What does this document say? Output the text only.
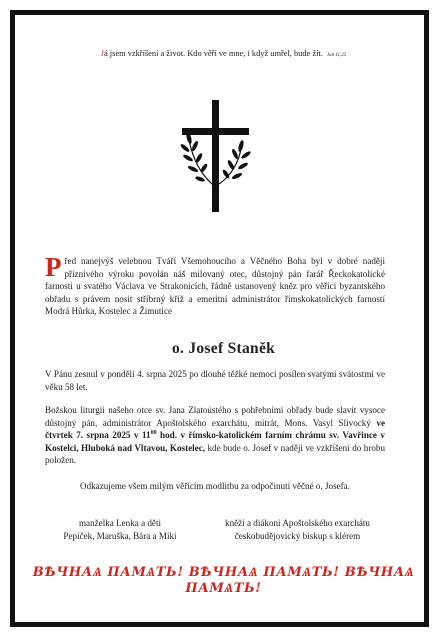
Já jsem vzkříšení a život. Kdo věří ve mne, i když umřel, bude žít. Jan 11,25
Před nanejvýš velebnou Tváří Všemohoucího a Věčného Boha byl v dobré naději příznivého výroku povolán náš milovaný otec, důstojný pán farář Řeckokatolické farnosti u svatého Václava ve Strakonicích, řádně ustanovený kněz pro věřící byzantského obřadu s právem nosit stříbrný kříž a emeritní administrátor římskokatolických farností Modrá Hůrka, Kostelec a Žimutice
o. Josef Staněk
V Pánu zesnul v pondělí 4. srpna 2025 po dlouhé těžké nemoci posílen svatými svátostmi ve věku 58 let.
Božskou liturgii našeho otce sv. Jana Zlatoústého s pohřebními obřady bude slavit vysoce důstojný pán, administrátor Apoštolského exarchátu, mitrát, Mons. Vasyl Slivocký ve čtvrtek 7. srpna 2025 v $11^{00}$ hod. v římsko-katolickém farním chrámu sv. Vavřince v Kostelci, Hluboká nad Vltavou, Kostelec, kde bude o. Josef v naději ve vzkříšení do hrobu položen.
Odkazujeme všem milým věřícím modlitbu za odpočinutí věčné o. Josefa.
manželka Lenka a děti
Pepíček, Maruška, Bára a Miki
kněží a diákoni Apoštolského exarchátu
českobudějovický biskup s klérem
ВѢЧНАѦ ПАМѦТЬ! ВѢЧНАѦ ПАМѦТЬ! ВѢЧНАѦ ПАМѦТЬ!
